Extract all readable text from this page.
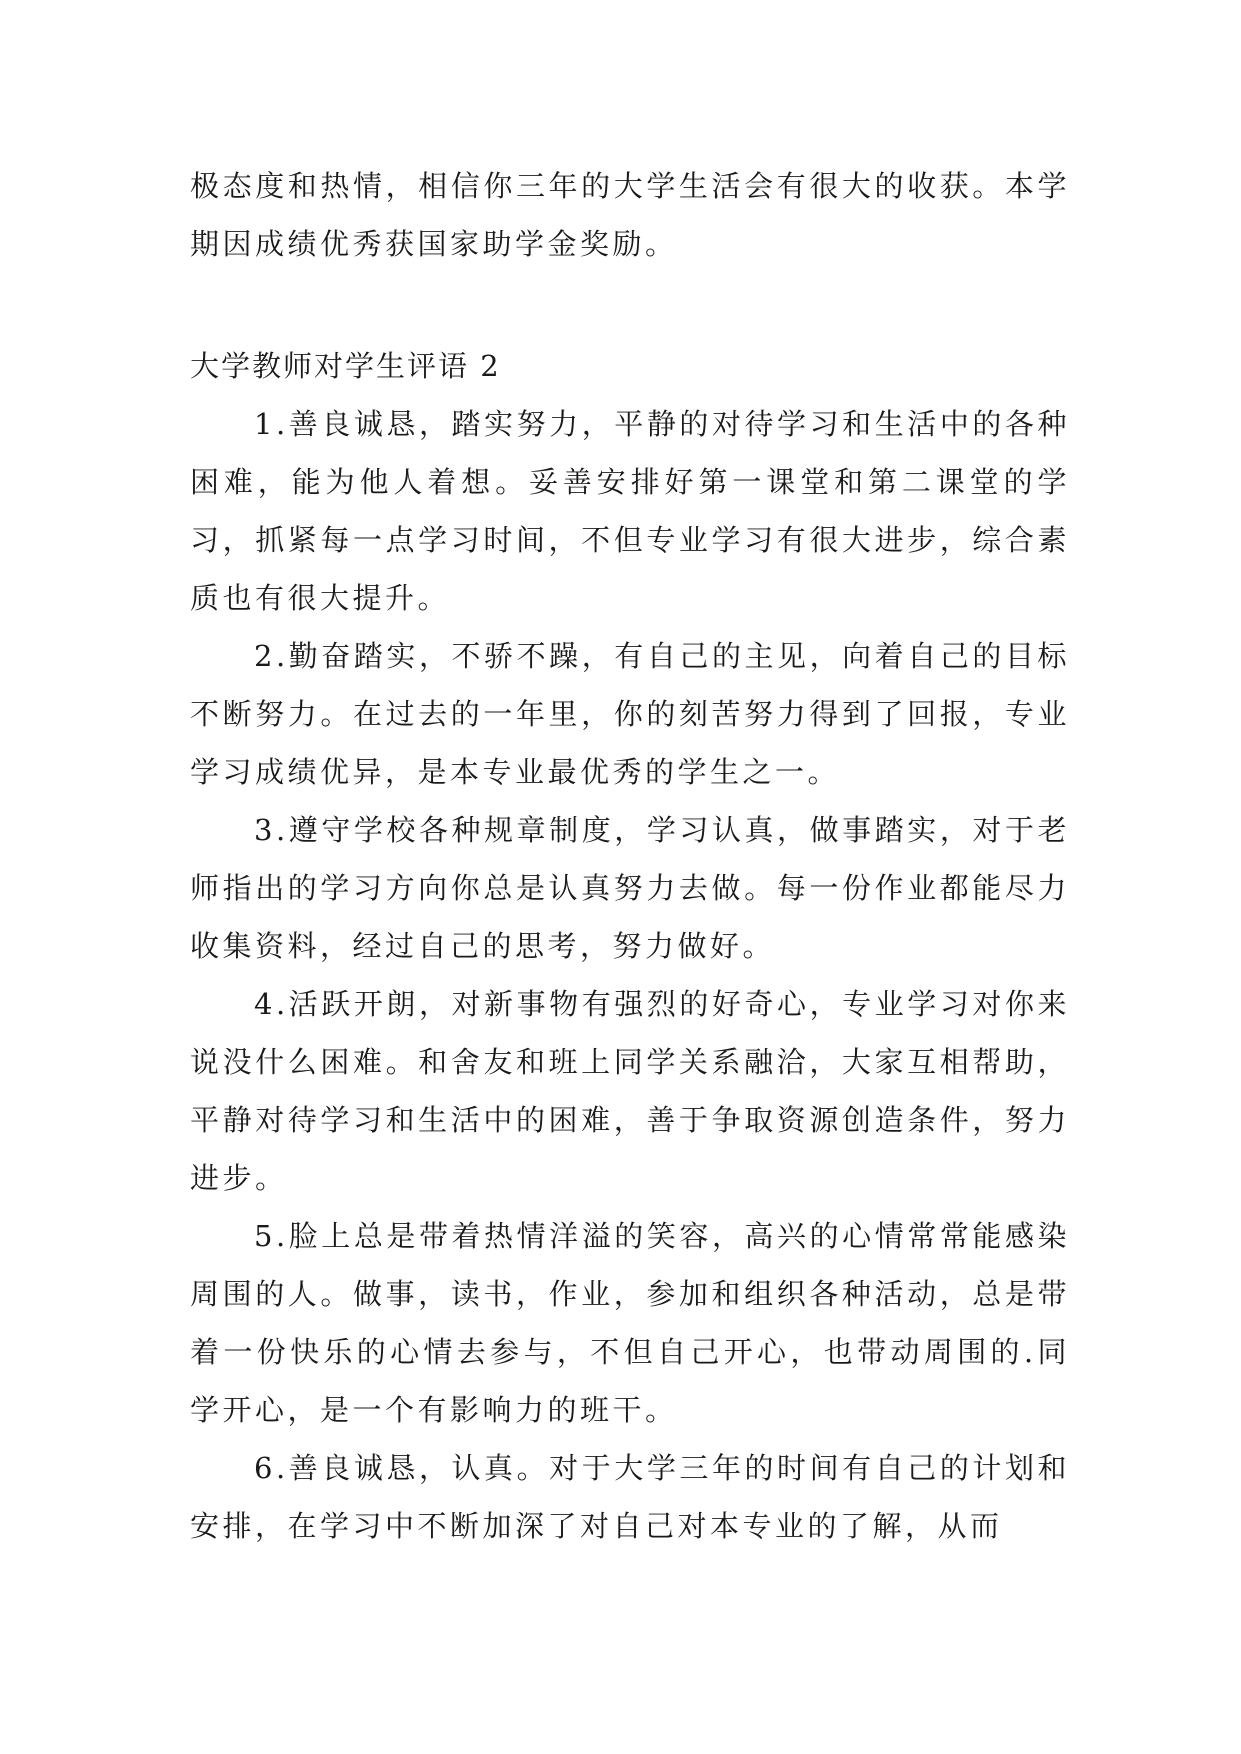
极态度和热情，相信你三年的大学生活会有很大的收获。本学期因成绩优秀获国家助学金奖励。
大学教师对学生评语 2

1.善良诚恳，踏实努力，平静的对待学习和生活中的各种困难，能为他人着想。妥善安排好第一课堂和第二课堂的学习，抓紧每一点学习时间，不但专业学习有很大进步，综合素质也有很大提升。

2.勤奋踏实，不骄不躁，有自己的主见，向着自己的目标不断努力。在过去的一年里，你的刻苦努力得到了回报，专业学习成绩优异，是本专业最优秀的学生之一。

3.遵守学校各种规章制度，学习认真，做事踏实，对于老师指出的学习方向你总是认真努力去做。每一份作业都能尽力收集资料，经过自己的思考，努力做好。

4.活跃开朗，对新事物有强烈的好奇心，专业学习对你来说没什么困难。和舍友和班上同学关系融洽，大家互相帮助，平静对待学习和生活中的困难，善于争取资源创造条件，努力进步。

5.脸上总是带着热情洋溢的笑容，高兴的心情常常能感染周围的人。做事，读书，作业，参加和组织各种活动，总是带着一份快乐的心情去参与，不但自己开心，也带动周围的.同学开心，是一个有影响力的班干。

6.善良诚恳，认真。对于大学三年的时间有自己的计划和安排，在学习中不断加深了对自己对本专业的了解，从而
